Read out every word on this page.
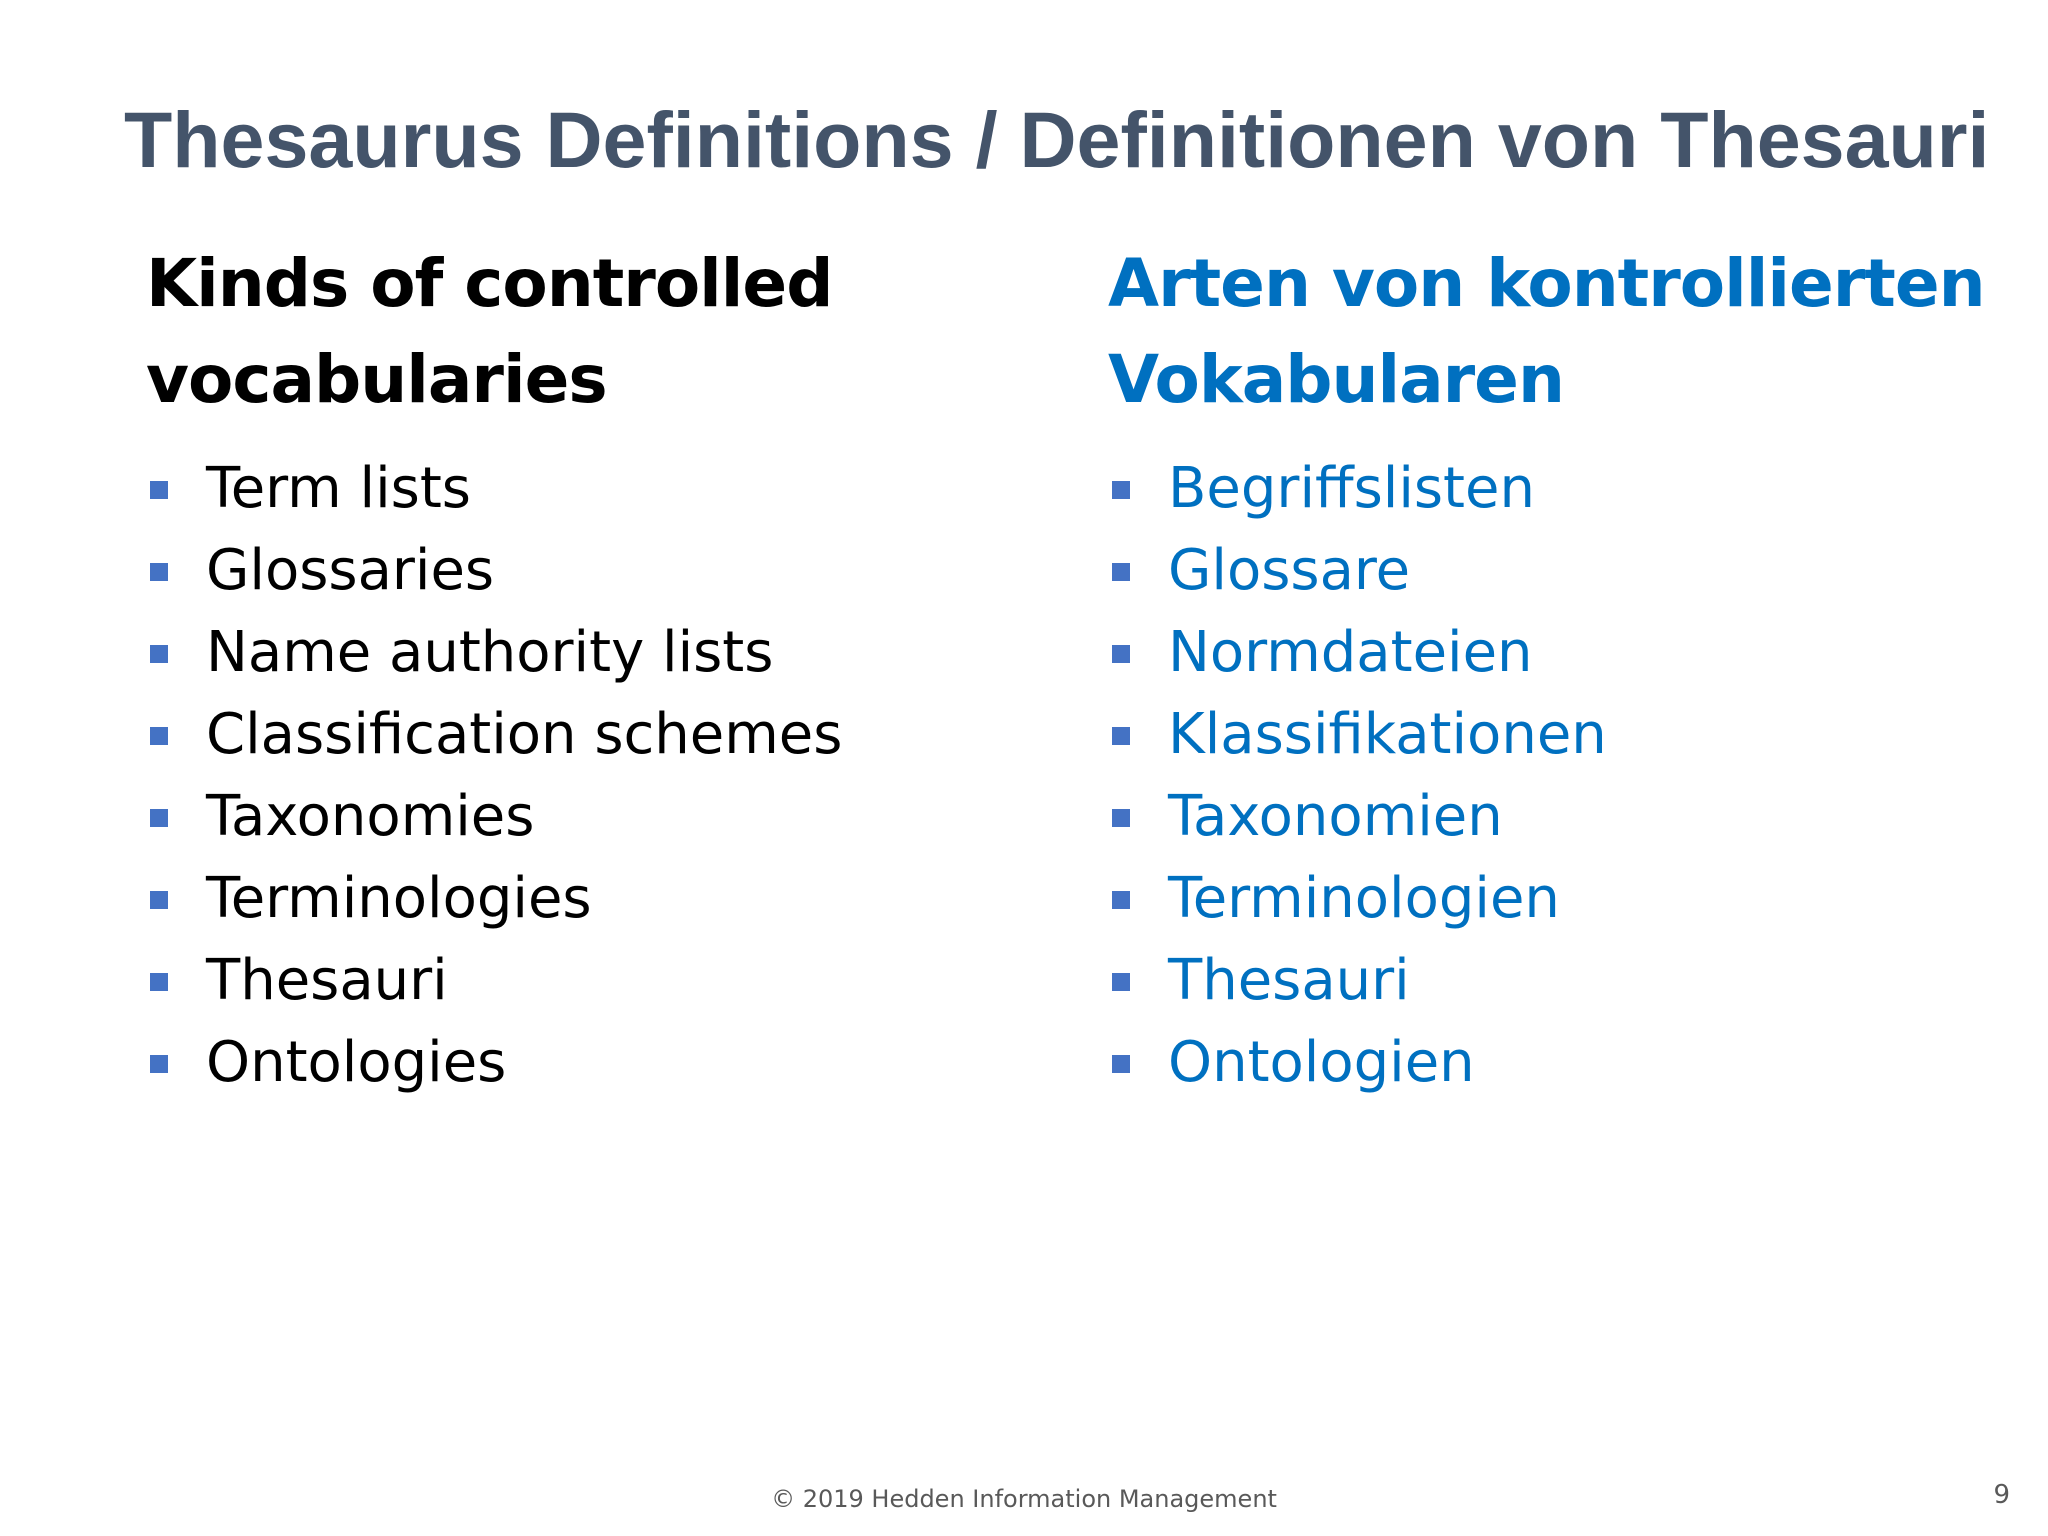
Thesaurus Definitions / Definitionen von Thesauri

Kinds of controlled
vocabularies

Term lists
Glossaries
Name authority lists
Classification schemes
Taxonomies
Terminologies
Thesauri
Ontologies

Arten von kontrollierten
Vokabularen

Begriffslisten
Glossare
Normdateien
Klassifikationen
Taxonomien
Terminologien
Thesauri
Ontologien
© 2019 Hedden Information Management	9
